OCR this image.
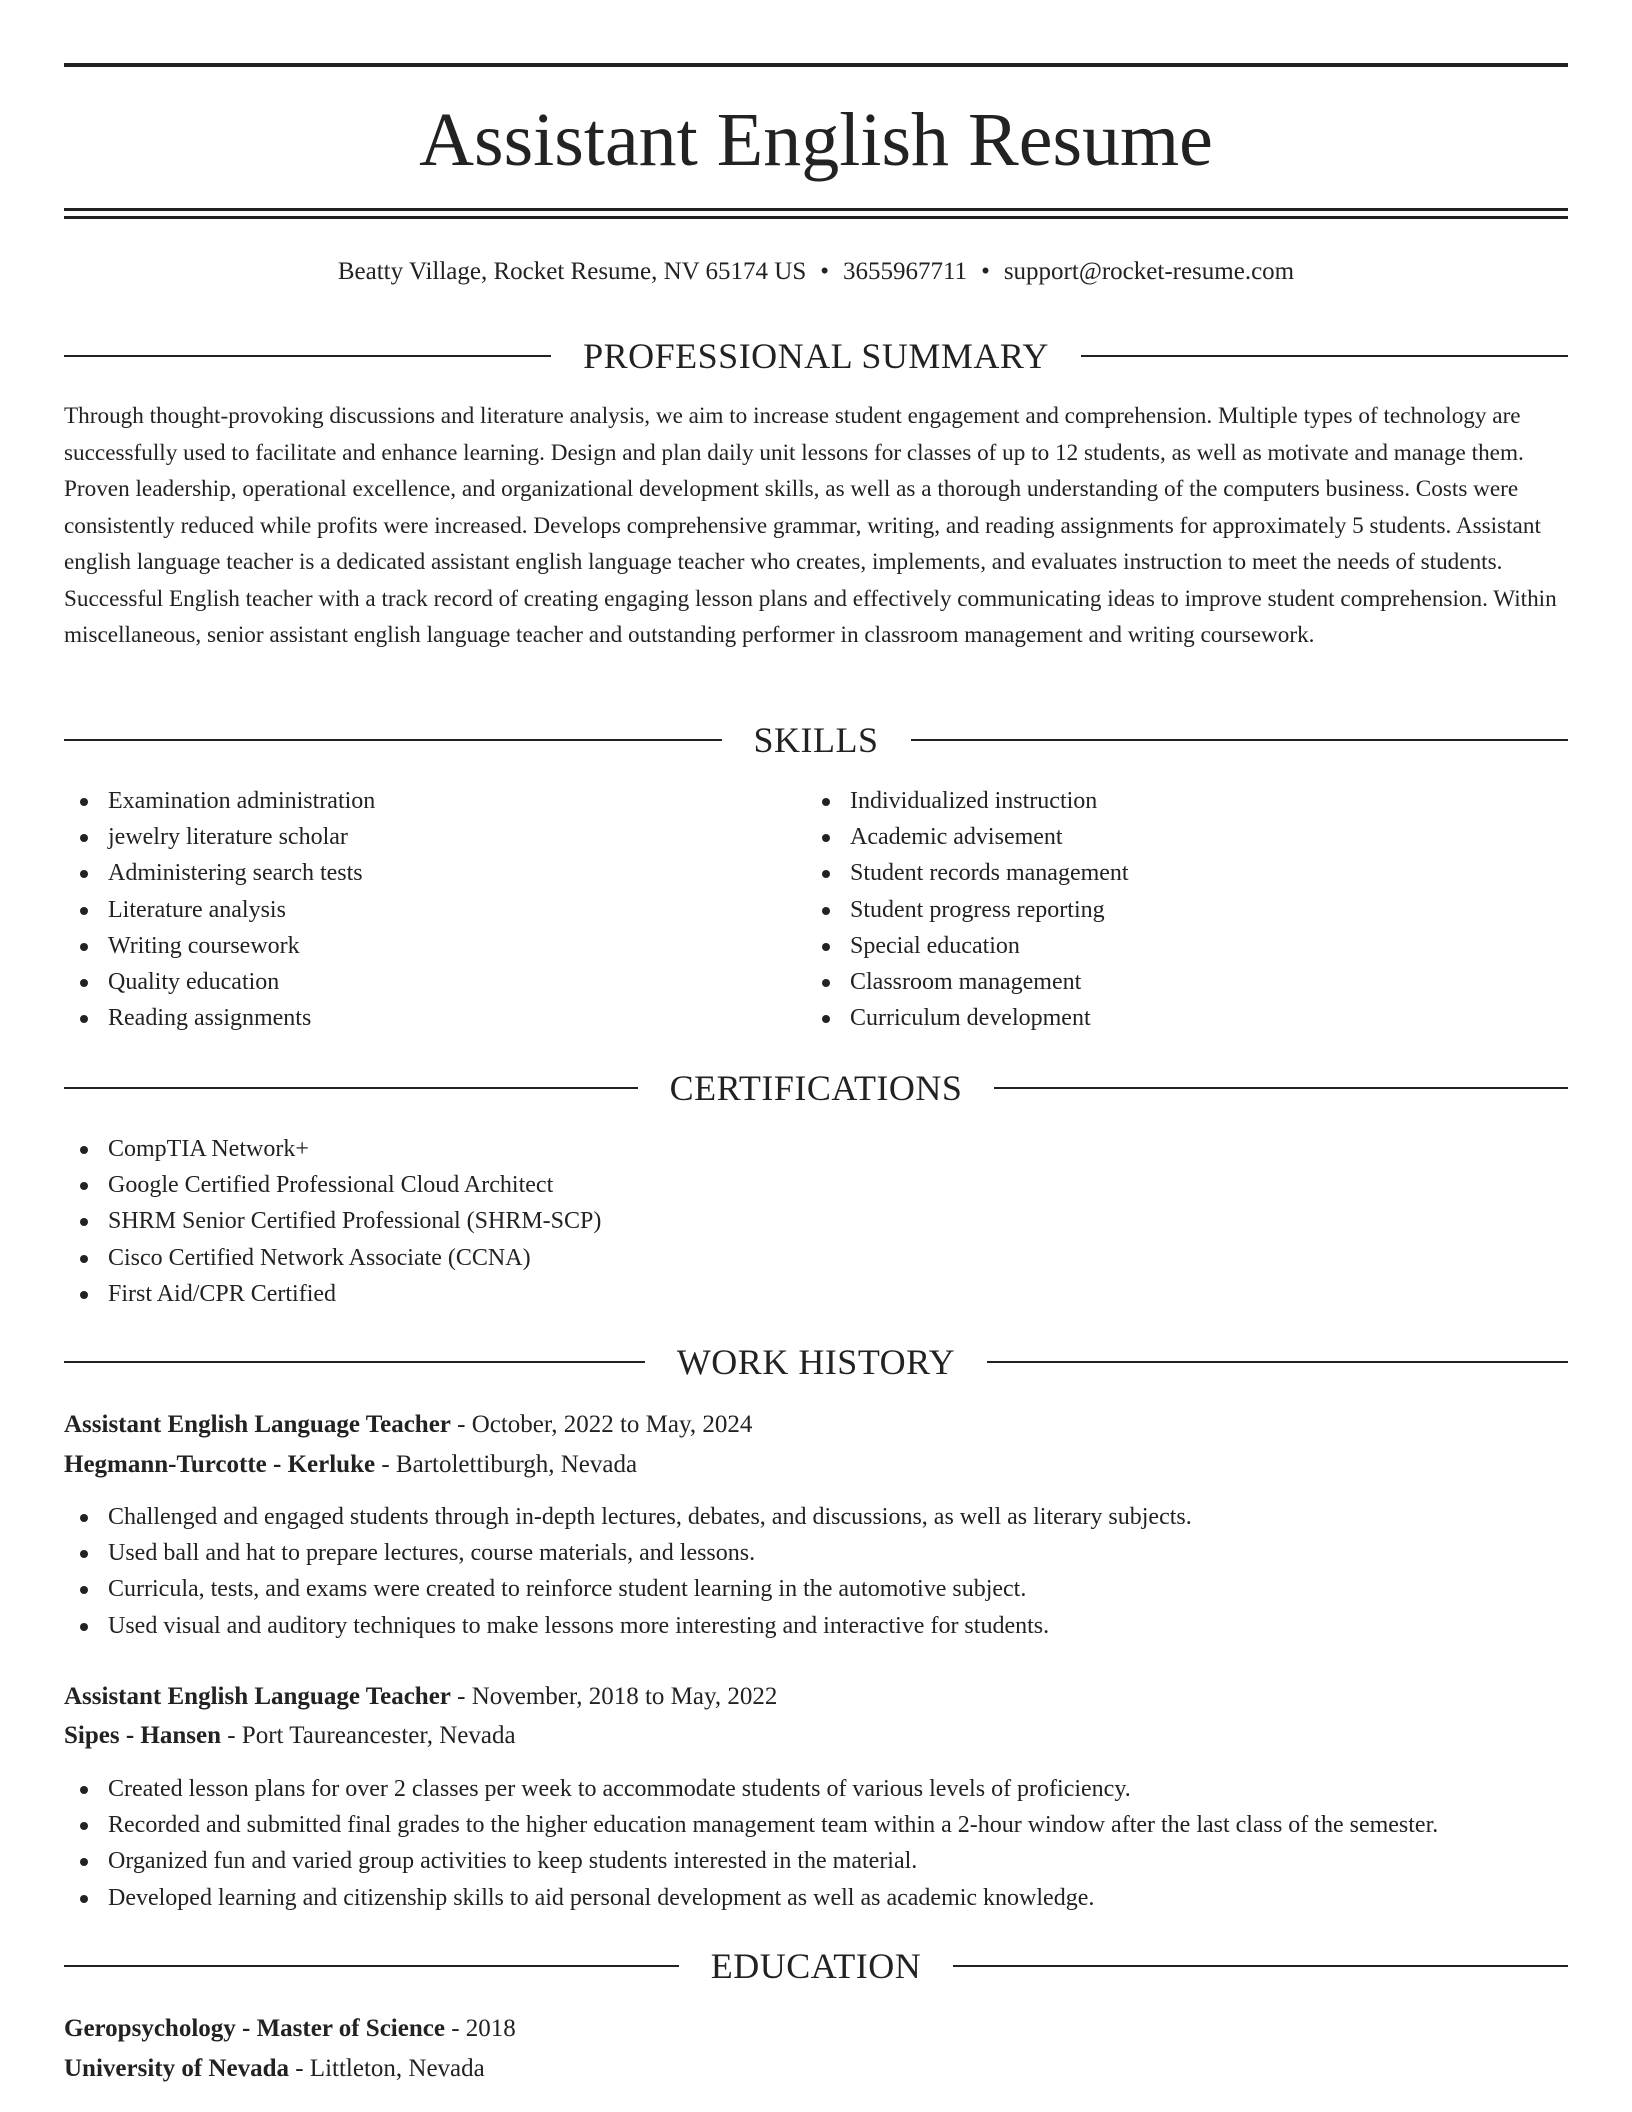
Assistant English Resume
Beatty Village, Rocket Resume, NV 65174 US • 3655967711 • support@rocket-resume.com
PROFESSIONAL SUMMARY

Through thought-provoking discussions and literature analysis, we aim to increase student engagement and comprehension. Multiple types of technology are successfully used to facilitate and enhance learning. Design and plan daily unit lessons for classes of up to 12 students, as well as motivate and manage them. Proven leadership, operational excellence, and organizational development skills, as well as a thorough understanding of the computers business. Costs were consistently reduced while profits were increased. Develops comprehensive grammar, writing, and reading assignments for approximately 5 students. Assistant english language teacher is a dedicated assistant english language teacher who creates, implements, and evaluates instruction to meet the needs of students. Successful English teacher with a track record of creating engaging lesson plans and effectively communicating ideas to improve student comprehension. Within miscellaneous, senior assistant english language teacher and outstanding performer in classroom management and writing coursework.

SKILLS
Examination administration
jewelry literature scholar
Administering search tests
Literature analysis
Writing coursework
Quality education
Reading assignments
Individualized instruction
Academic advisement
Student records management
Student progress reporting
Special education
Classroom management
Curriculum development
CERTIFICATIONS
CompTIA Network+
Google Certified Professional Cloud Architect
SHRM Senior Certified Professional (SHRM-SCP)
Cisco Certified Network Associate (CCNA)
First Aid/CPR Certified
WORK HISTORY
Assistant English Language Teacher - October, 2022 to May, 2024
Hegmann-Turcotte - Kerluke - Bartolettiburgh, Nevada
Challenged and engaged students through in-depth lectures, debates, and discussions, as well as literary subjects.
Used ball and hat to prepare lectures, course materials, and lessons.
Curricula, tests, and exams were created to reinforce student learning in the automotive subject.
Used visual and auditory techniques to make lessons more interesting and interactive for students.
Assistant English Language Teacher - November, 2018 to May, 2022
Sipes - Hansen - Port Taureancester, Nevada
Created lesson plans for over 2 classes per week to accommodate students of various levels of proficiency.
Recorded and submitted final grades to the higher education management team within a 2-hour window after the last class of the semester.
Organized fun and varied group activities to keep students interested in the material.
Developed learning and citizenship skills to aid personal development as well as academic knowledge.
EDUCATION
Geropsychology - Master of Science - 2018
University of Nevada - Littleton, Nevada
